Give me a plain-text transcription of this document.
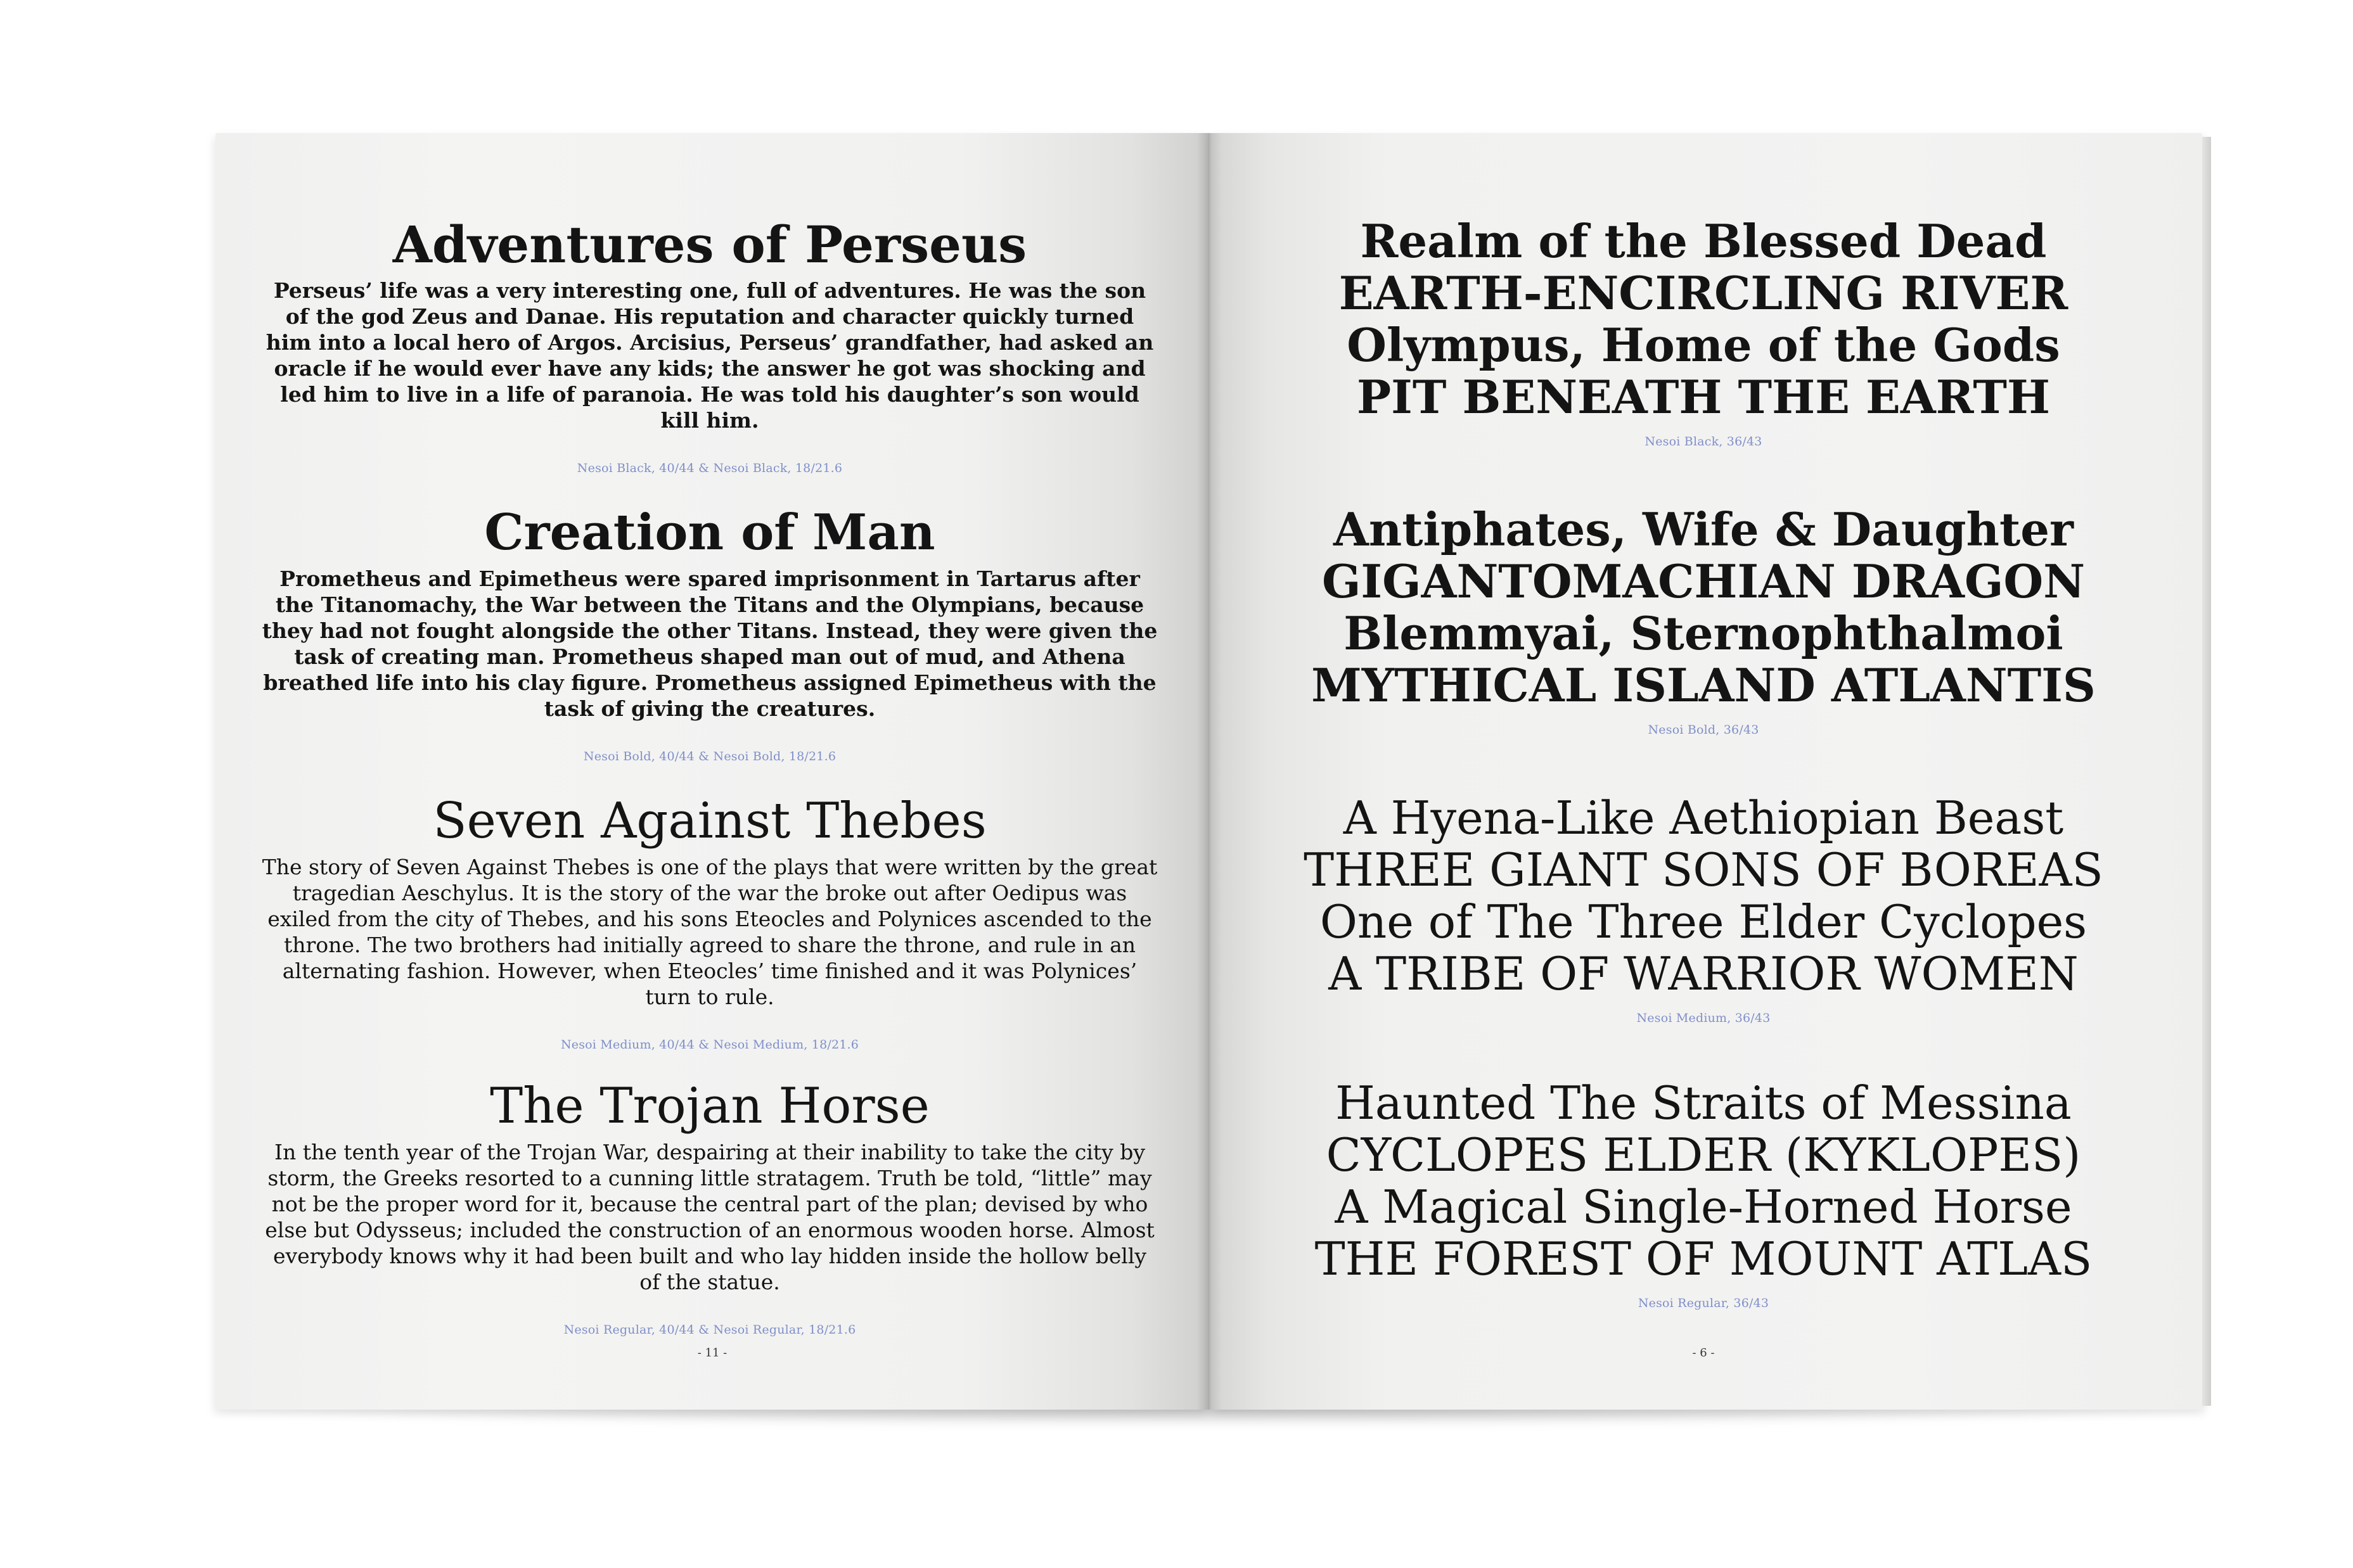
Adventures of Perseus

Perseus’ life was a very interesting one, full of adventures. He was the son of the god Zeus and Danae. His reputation and character quickly turned him into a local hero of Argos. Arcisius, Perseus’ grandfather, had asked an oracle if he would ever have any kids; the answer he got was shocking and led him to live in a life of paranoia. He was told his daughter’s son would kill him.

Nesoi Black, 40/44 & Nesoi Black, 18/21.6
Creation of Man

Prometheus and Epimetheus were spared imprisonment in Tartarus after the Titanomachy, the War between the Titans and the Olympians, because they had not fought alongside the other Titans. Instead, they were given the task of creating man. Prometheus shaped man out of mud, and Athena breathed life into his clay figure. Prometheus assigned Epimetheus with the task of giving the creatures.

Nesoi Bold, 40/44 & Nesoi Bold, 18/21.6
Seven Against Thebes

The story of Seven Against Thebes is one of the plays that were written by the great tragedian Aeschylus. It is the story of the war the broke out after Oedipus was exiled from the city of Thebes, and his sons Eteocles and Polynices ascended to the throne. The two brothers had initially agreed to share the throne, and rule in an alternating fashion. However, when Eteocles’ time finished and it was Polynices’ turn to rule.

Nesoi Medium, 40/44 & Nesoi Medium, 18/21.6
The Trojan Horse

In the tenth year of the Trojan War, despairing at their inability to take the city by storm, the Greeks resorted to a cunning little stratagem. Truth be told, “little” may not be the proper word for it, because the central part of the plan; devised by who else but Odysseus; included the construction of an enormous wooden horse. Almost everybody knows why it had been built and who lay hidden inside the hollow belly of the statue.

Nesoi Regular, 40/44 & Nesoi Regular, 18/21.6
- 11 -
Realm of the Blessed Dead
EARTH-ENCIRCLING RIVER
Olympus, Home of the Gods
PIT BENEATH THE EARTH
Nesoi Black, 36/43
Antiphates, Wife & Daughter
GIGANTOMACHIAN DRAGON
Blemmyai, Sternophthalmoi
MYTHICAL ISLAND ATLANTIS
Nesoi Bold, 36/43
A Hyena-Like Aethiopian Beast
THREE GIANT SONS OF BOREAS
One of The Three Elder Cyclopes
A TRIBE OF WARRIOR WOMEN
Nesoi Medium, 36/43
Haunted The Straits of Messina
CYCLOPES ELDER (KYKLOPES)
A Magical Single-Horned Horse
THE FOREST OF MOUNT ATLAS
Nesoi Regular, 36/43
- 6 -
